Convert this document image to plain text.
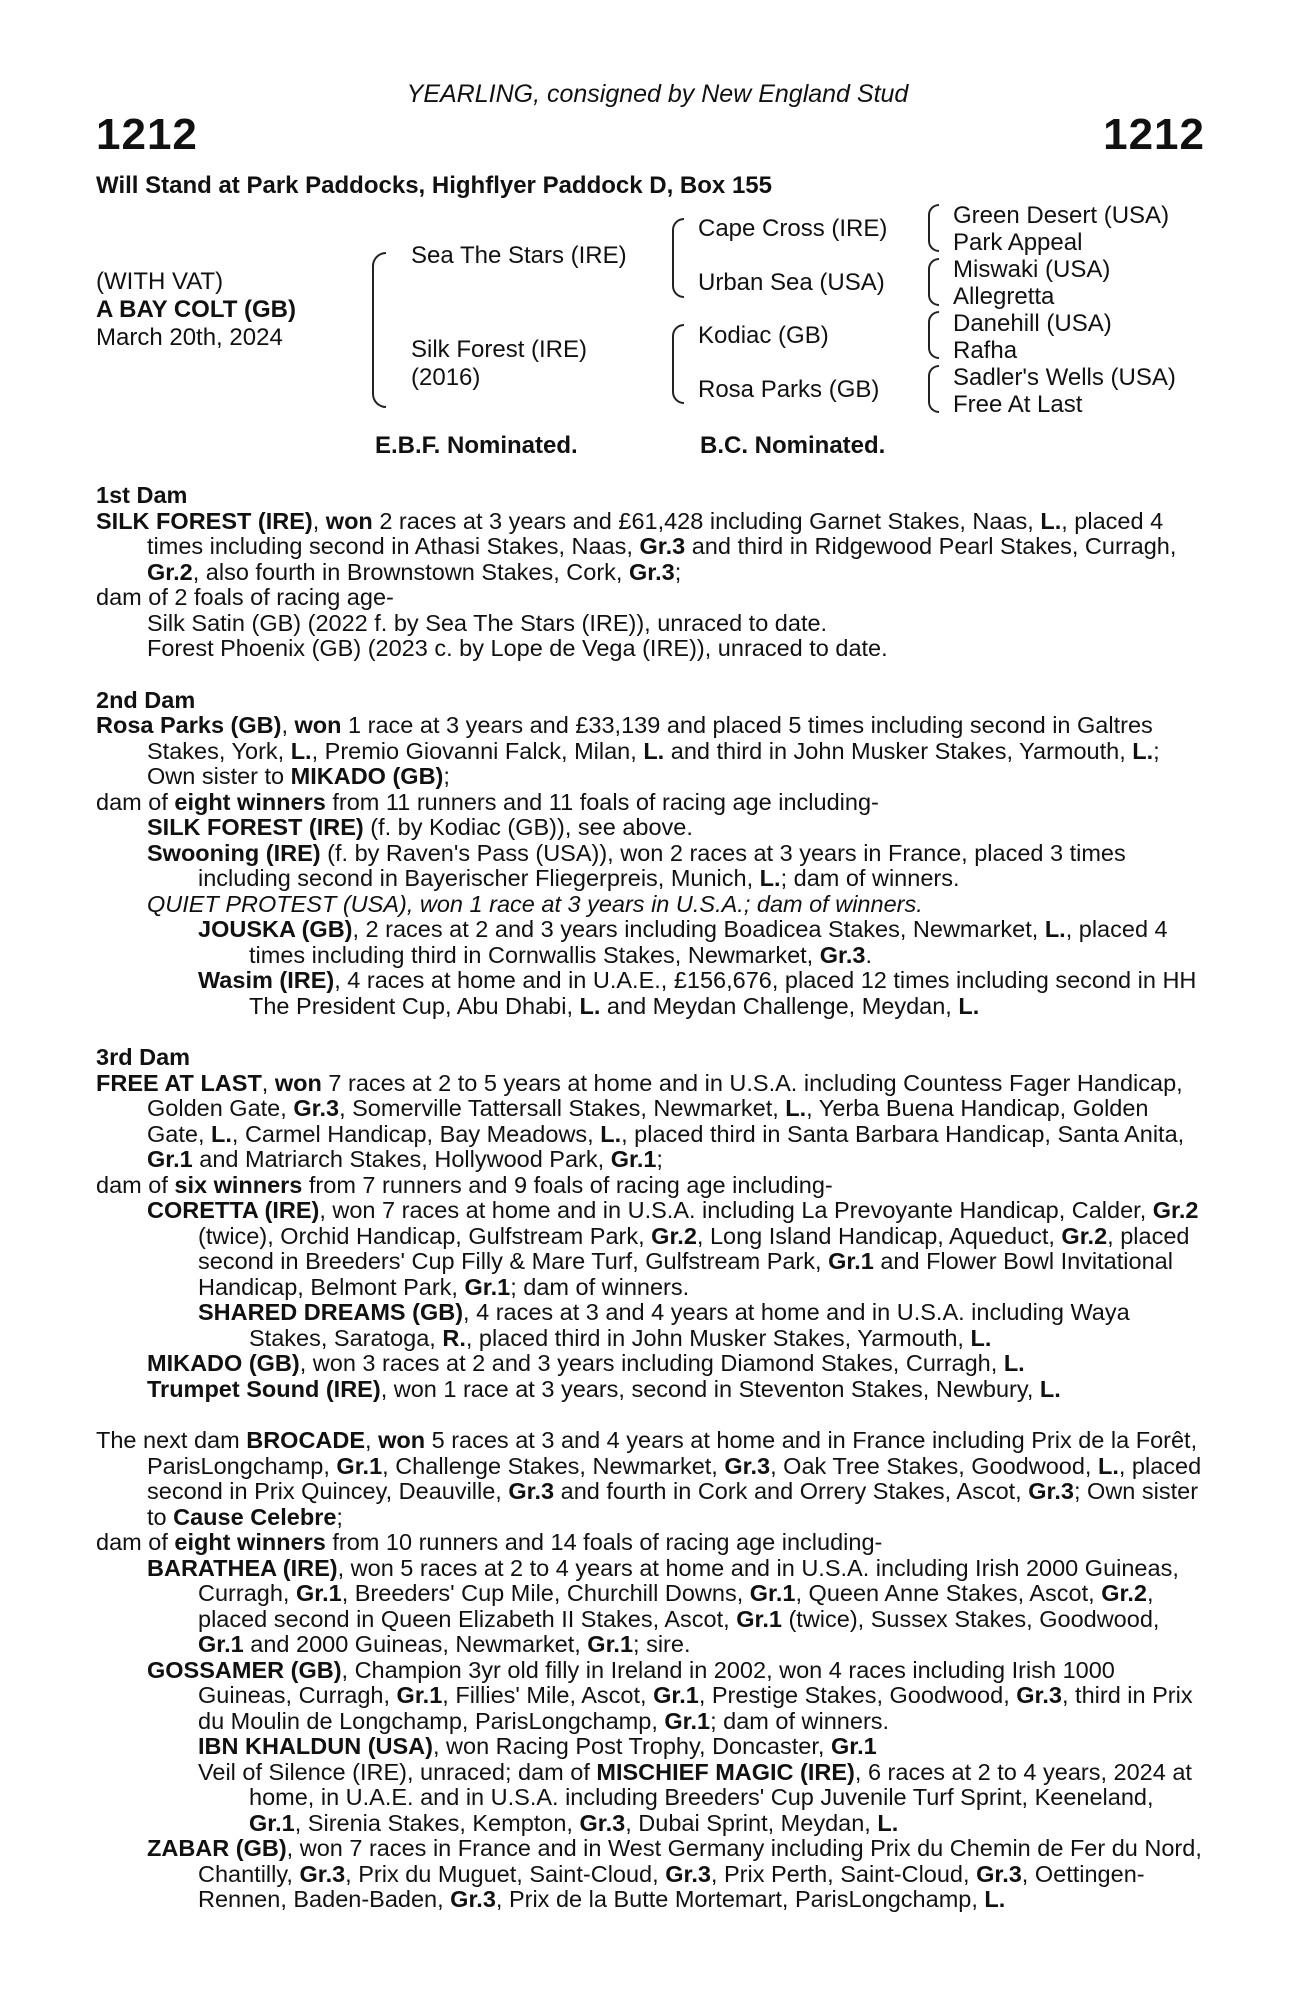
YEARLING, consigned by New England Stud
1212	1212
Will Stand at Park Paddocks, Highflyer Paddock D, Box 155
(WITH VAT)
A BAY COLT (GB)
March 20th, 2024
Sea The Stars (IRE)
Silk Forest (IRE)
(2016)
Cape Cross (IRE)
Urban Sea (USA)
Kodiac (GB)
Rosa Parks (GB)
Green Desert (USA)
Park Appeal
Miswaki (USA)
Allegretta
Danehill (USA)
Rafha
Sadler's Wells (USA)
Free At Last
E.B.F. Nominated.	B.C. Nominated.
1st Dam

SILK FOREST (IRE), won 2 races at 3 years and £61,428 including Garnet Stakes, Naas, L., placed 4 times including second in Athasi Stakes, Naas, Gr.3 and third in Ridgewood Pearl Stakes, Curragh, Gr.2, also fourth in Brownstown Stakes, Cork, Gr.3;

dam of 2 foals of racing age-

Silk Satin (GB) (2022 f. by Sea The Stars (IRE)), unraced to date.

Forest Phoenix (GB) (2023 c. by Lope de Vega (IRE)), unraced to date.

2nd Dam

Rosa Parks (GB), won 1 race at 3 years and £33,139 and placed 5 times including second in Galtres Stakes, York, L., Premio Giovanni Falck, Milan, L. and third in John Musker Stakes, Yarmouth, L.; Own sister to MIKADO (GB);

dam of eight winners from 11 runners and 11 foals of racing age including-

SILK FOREST (IRE) (f. by Kodiac (GB)), see above.

Swooning (IRE) (f. by Raven's Pass (USA)), won 2 races at 3 years in France, placed 3 times including second in Bayerischer Fliegerpreis, Munich, L.; dam of winners.

QUIET PROTEST (USA), won 1 race at 3 years in U.S.A.; dam of winners.

JOUSKA (GB), 2 races at 2 and 3 years including Boadicea Stakes, Newmarket, L., placed 4 times including third in Cornwallis Stakes, Newmarket, Gr.3.

Wasim (IRE), 4 races at home and in U.A.E., £156,676, placed 12 times including second in HH The President Cup, Abu Dhabi, L. and Meydan Challenge, Meydan, L.

3rd Dam

FREE AT LAST, won 7 races at 2 to 5 years at home and in U.S.A. including Countess Fager Handicap, Golden Gate, Gr.3, Somerville Tattersall Stakes, Newmarket, L., Yerba Buena Handicap, Golden Gate, L., Carmel Handicap, Bay Meadows, L., placed third in Santa Barbara Handicap, Santa Anita, Gr.1 and Matriarch Stakes, Hollywood Park, Gr.1;

dam of six winners from 7 runners and 9 foals of racing age including-

CORETTA (IRE), won 7 races at home and in U.S.A. including La Prevoyante Handicap, Calder, Gr.2 (twice), Orchid Handicap, Gulfstream Park, Gr.2, Long Island Handicap, Aqueduct, Gr.2, placed second in Breeders' Cup Filly & Mare Turf, Gulfstream Park, Gr.1 and Flower Bowl Invitational Handicap, Belmont Park, Gr.1; dam of winners.

SHARED DREAMS (GB), 4 races at 3 and 4 years at home and in U.S.A. including Waya Stakes, Saratoga, R., placed third in John Musker Stakes, Yarmouth, L.

MIKADO (GB), won 3 races at 2 and 3 years including Diamond Stakes, Curragh, L.

Trumpet Sound (IRE), won 1 race at 3 years, second in Steventon Stakes, Newbury, L.

The next dam BROCADE, won 5 races at 3 and 4 years at home and in France including Prix de la Forêt, ParisLongchamp, Gr.1, Challenge Stakes, Newmarket, Gr.3, Oak Tree Stakes, Goodwood, L., placed second in Prix Quincey, Deauville, Gr.3 and fourth in Cork and Orrery Stakes, Ascot, Gr.3; Own sister to Cause Celebre;

dam of eight winners from 10 runners and 14 foals of racing age including-

BARATHEA (IRE), won 5 races at 2 to 4 years at home and in U.S.A. including Irish 2000 Guineas, Curragh, Gr.1, Breeders' Cup Mile, Churchill Downs, Gr.1, Queen Anne Stakes, Ascot, Gr.2, placed second in Queen Elizabeth II Stakes, Ascot, Gr.1 (twice), Sussex Stakes, Goodwood, Gr.1 and 2000 Guineas, Newmarket, Gr.1; sire.

GOSSAMER (GB), Champion 3yr old filly in Ireland in 2002, won 4 races including Irish 1000 Guineas, Curragh, Gr.1, Fillies' Mile, Ascot, Gr.1, Prestige Stakes, Goodwood, Gr.3, third in Prix du Moulin de Longchamp, ParisLongchamp, Gr.1; dam of winners.

IBN KHALDUN (USA), won Racing Post Trophy, Doncaster, Gr.1

Veil of Silence (IRE), unraced; dam of MISCHIEF MAGIC (IRE), 6 races at 2 to 4 years, 2024 at home, in U.A.E. and in U.S.A. including Breeders' Cup Juvenile Turf Sprint, Keeneland, Gr.1, Sirenia Stakes, Kempton, Gr.3, Dubai Sprint, Meydan, L.

ZABAR (GB), won 7 races in France and in West Germany including Prix du Chemin de Fer du Nord, Chantilly, Gr.3, Prix du Muguet, Saint-Cloud, Gr.3, Prix Perth, Saint-Cloud, Gr.3, Oettingen-Rennen, Baden-Baden, Gr.3, Prix de la Butte Mortemart, ParisLongchamp, L.
